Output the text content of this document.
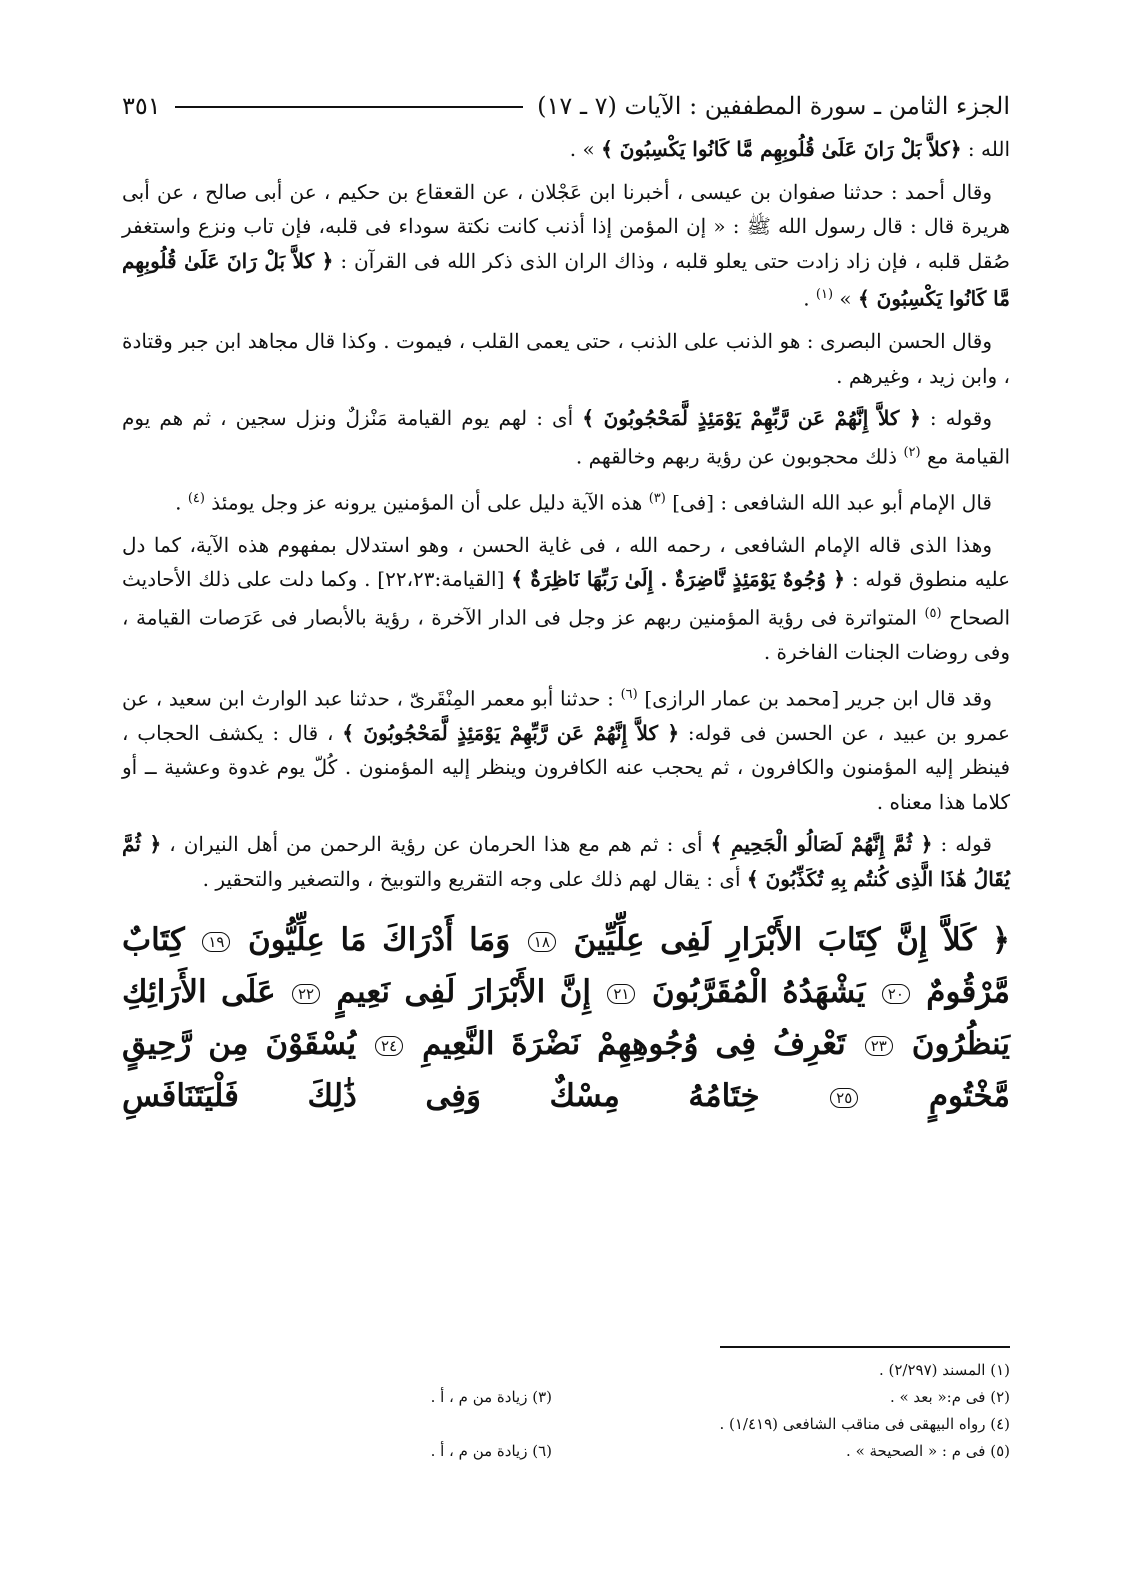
٣٥١	الجزء الثامن ـ سورة المطففين : الآيات (٧ ـ ١٧)

الله : ﴿كلاَّ بَلْ رَانَ عَلَىٰ قُلُوبِهِم مَّا كَانُوا يَكْسِبُونَ ﴾ » .

وقال أحمد : حدثنا صفوان بن عيسى ، أخبرنا ابن عَجْلان ، عن القعقاع بن حكيم ، عن أبى صالح ، عن أبى هريرة قال : قال رسول الله ﷺ : « إن المؤمن إذا أذنب كانت نكتة سوداء فى قلبه، فإن تاب ونزع واستغفر صُقل قلبه ، فإن زاد زادت حتى يعلو قلبه ، وذاك الران الذى ذكر الله فى القرآن : ﴿ كلاَّ بَلْ رَانَ عَلَىٰ قُلُوبِهِم مَّا كَانُوا يَكْسِبُونَ ﴾ » $^{(١)}$ .

وقال الحسن البصرى : هو الذنب على الذنب ، حتى يعمى القلب ، فيموت . وكذا قال مجاهد ابن جبر وقتادة ، وابن زيد ، وغيرهم .

وقوله : ﴿ كلاَّ إِنَّهُمْ عَن رَّبِّهِمْ يَوْمَئِذٍ لَّمَحْجُوبُونَ ﴾ أى : لهم يوم القيامة مَنْزلٌ ونزل سجين ، ثم هم يوم القيامة مع $^{(٢)}$ ذلك محجوبون عن رؤية ربهم وخالقهم .

قال الإمام أبو عبد الله الشافعى : [فى] $^{(٣)}$ هذه الآية دليل على أن المؤمنين يرونه عز وجل يومئذ $^{(٤)}$ .

وهذا الذى قاله الإمام الشافعى ، رحمه الله ، فى غاية الحسن ، وهو استدلال بمفهوم هذه الآية، كما دل عليه منطوق قوله : ﴿ وُجُوهٌ يَوْمَئِذٍ نَّاضِرَةٌ . إِلَىٰ رَبِّهَا نَاظِرَةٌ ﴾ [القيامة:٢٢،٢٣] . وكما دلت على ذلك الأحاديث الصحاح $^{(٥)}$ المتواترة فى رؤية المؤمنين ربهم عز وجل فى الدار الآخرة ، رؤية بالأبصار فى عَرَصات القيامة ، وفى روضات الجنات الفاخرة .

وقد قال ابن جرير [محمد بن عمار الرازى] $^{(٦)}$ : حدثنا أبو معمر المِنْقَرىّ ، حدثنا عبد الوارث ابن سعيد ، عن عمرو بن عبيد ، عن الحسن فى قوله: ﴿ كلاَّ إِنَّهُمْ عَن رَّبِّهِمْ يَوْمَئِذٍ لَّمَحْجُوبُونَ ﴾ ، قال : يكشف الحجاب ، فينظر إليه المؤمنون والكافرون ، ثم يحجب عنه الكافرون وينظر إليه المؤمنون . كُلّ يوم غدوة وعشية ــ أو كلاما هذا معناه .

قوله : ﴿ ثُمَّ إِنَّهُمْ لَصَالُو الْجَحِيمِ ﴾ أى : ثم هم مع هذا الحرمان عن رؤية الرحمن من أهل النيران ، ﴿ ثُمَّ يُقَالُ هَٰذَا الَّذِى كُنتُم بِهِ تُكَذِّبُونَ ﴾ أى : يقال لهم ذلك على وجه التقريع والتوبيخ ، والتصغير والتحقير .

﴿ كَلاَّ إِنَّ كِتَابَ الأَبْرَارِ لَفِى عِلِّيِّينَ ١٨ وَمَا أَدْرَاكَ مَا عِلِّيُّونَ ١٩ كِتَابٌ مَّرْقُومٌ ٢٠ يَشْهَدُهُ الْمُقَرَّبُونَ ٢١ إِنَّ الأَبْرَارَ لَفِى نَعِيمٍ ٢٢ عَلَى الأَرَائِكِ يَنظُرُونَ ٢٣ تَعْرِفُ فِى وُجُوهِهِمْ نَضْرَةَ النَّعِيمِ ٢٤ يُسْقَوْنَ مِن رَّحِيقٍ مَّخْتُومٍ ٢٥ خِتَامُهُ مِسْكٌ وَفِى ذَٰلِكَ فَلْيَتَنَافَسِ

(١) المسند (٢/٢٩٧) .
(٢) فى م:« بعد » .
(٣) زيادة من م ، أ .
(٤) رواه البيهقى فى مناقب الشافعى (١/٤١٩) .
(٥) فى م : « الصحيحة » .
(٦) زيادة من م ، أ .
